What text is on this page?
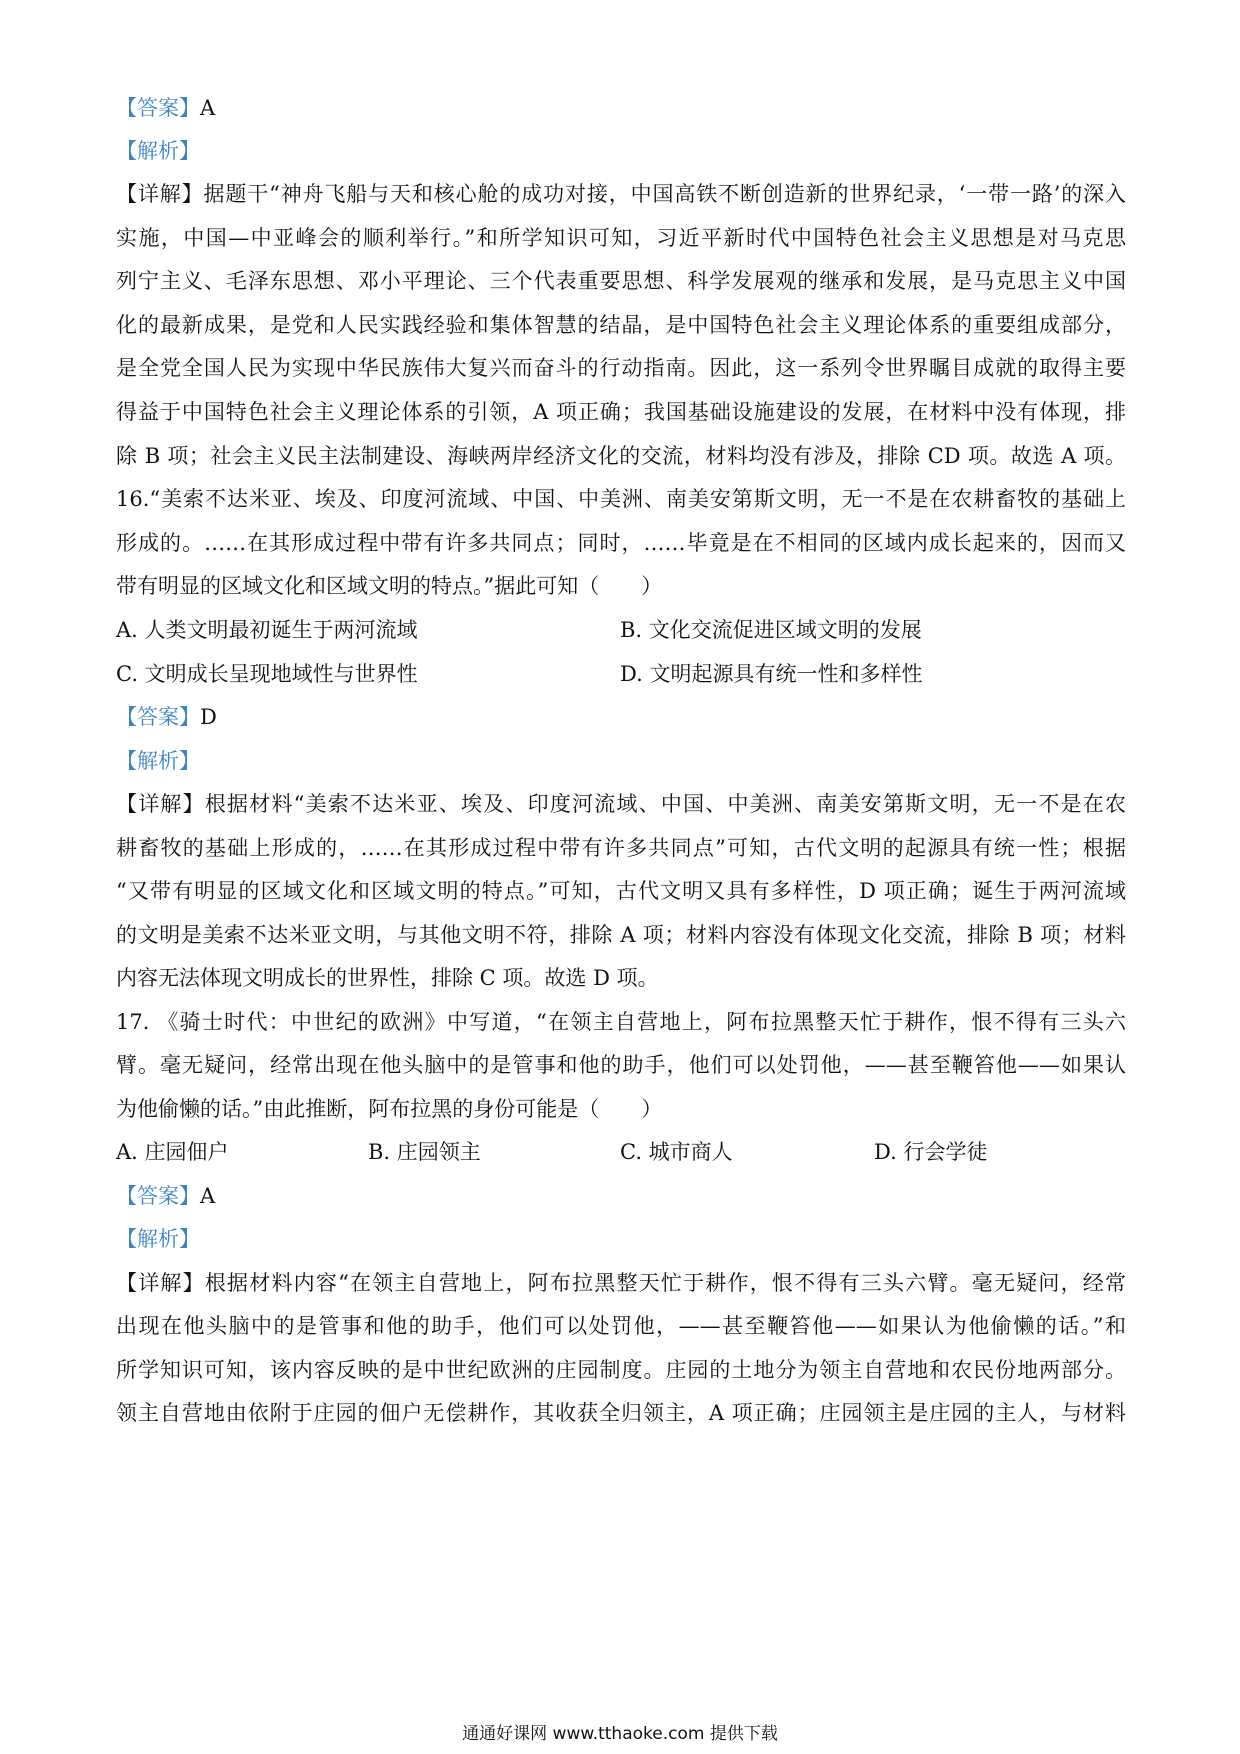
【答案】A
【解析】
【详解】据题干“神舟飞船与天和核心舱的成功对接，中国高铁不断创造新的世界纪录，‘一带一路’的深入
实施，中国—中亚峰会的顺利举行。”和所学知识可知，习近平新时代中国特色社会主义思想是对马克思
列宁主义、毛泽东思想、邓小平理论、三个代表重要思想、科学发展观的继承和发展，是马克思主义中国
化的最新成果，是党和人民实践经验和集体智慧的结晶，是中国特色社会主义理论体系的重要组成部分，
是全党全国人民为实现中华民族伟大复兴而奋斗的行动指南。因此，这一系列令世界瞩目成就的取得主要
得益于中国特色社会主义理论体系的引领，A 项正确；我国基础设施建设的发展，在材料中没有体现，排
除 B 项；社会主义民主法制建设、海峡两岸经济文化的交流，材料均没有涉及，排除 CD 项。故选 A 项。
16.“美索不达米亚、埃及、印度河流域、中国、中美洲、南美安第斯文明，无一不是在农耕畜牧的基础上
形成的。……在其形成过程中带有许多共同点；同时，……毕竟是在不相同的区域内成长起来的，因而又
带有明显的区域文化和区域文明的特点。”据此可知（　　）
A. 人类文明最初诞生于两河流域	B. 文化交流促进区域文明的发展
C. 文明成长呈现地域性与世界性	D. 文明起源具有统一性和多样性
【答案】D
【解析】
【详解】根据材料“美索不达米亚、埃及、印度河流域、中国、中美洲、南美安第斯文明，无一不是在农
耕畜牧的基础上形成的，……在其形成过程中带有许多共同点”可知，古代文明的起源具有统一性；根据
“又带有明显的区域文化和区域文明的特点。”可知，古代文明又具有多样性，D 项正确；诞生于两河流域
的文明是美索不达米亚文明，与其他文明不符，排除 A 项；材料内容没有体现文化交流，排除 B 项；材料
内容无法体现文明成长的世界性，排除 C 项。故选 D 项。
17. 《骑士时代：中世纪的欧洲》中写道，“在领主自营地上，阿布拉黑整天忙于耕作，恨不得有三头六
臂。毫无疑问，经常出现在他头脑中的是管事和他的助手，他们可以处罚他，——甚至鞭笞他——如果认
为他偷懒的话。”由此推断，阿布拉黑的身份可能是（　　）
A. 庄园佃户	B. 庄园领主	C. 城市商人	D. 行会学徒
【答案】A
【解析】
【详解】根据材料内容“在领主自营地上，阿布拉黑整天忙于耕作，恨不得有三头六臂。毫无疑问，经常
出现在他头脑中的是管事和他的助手，他们可以处罚他，——甚至鞭笞他——如果认为他偷懒的话。”和
所学知识可知，该内容反映的是中世纪欧洲的庄园制度。庄园的土地分为领主自营地和农民份地两部分。
领主自营地由依附于庄园的佃户无偿耕作，其收获全归领主，A 项正确；庄园领主是庄园的主人，与材料
通通好课网 www.tthaoke.com 提供下载
